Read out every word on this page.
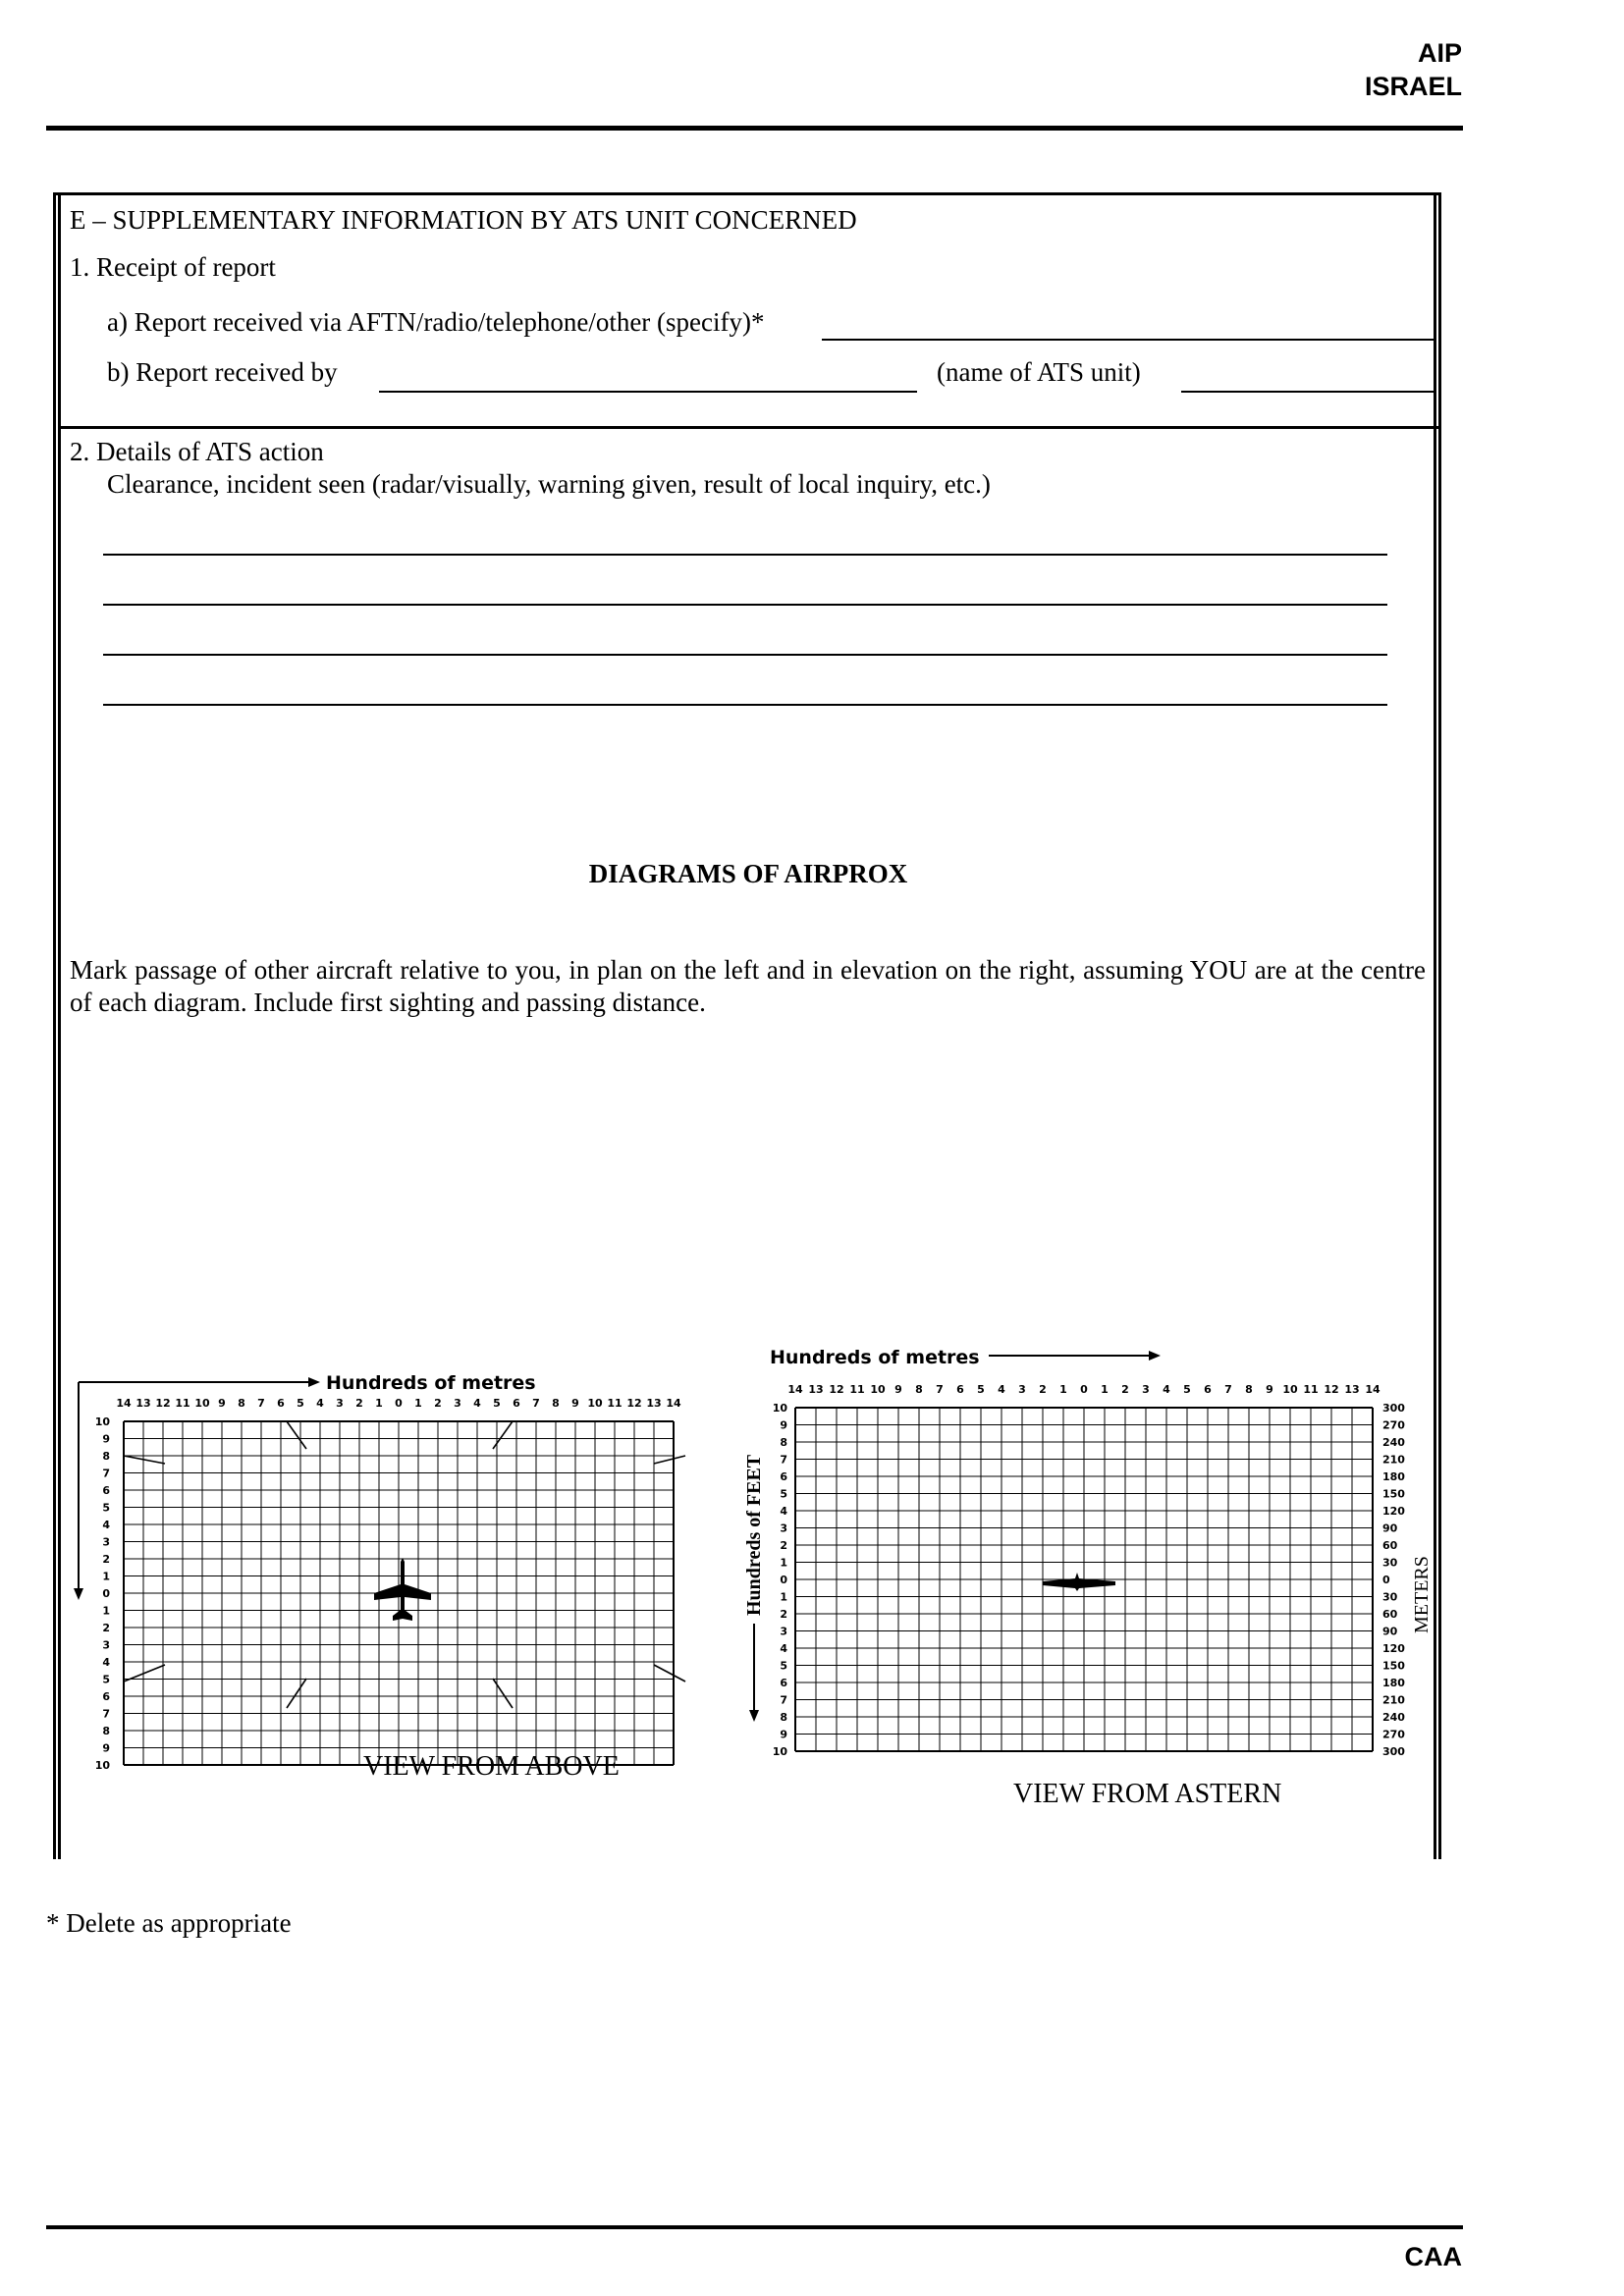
AIP
ISRAEL
E – SUPPLEMENTARY INFORMATION BY ATS UNIT CONCERNED
1. Receipt of report
a) Report received via AFTN/radio/telephone/other (specify)*
b) Report received by	(name of ATS unit)
2. Details of ATS action
Clearance, incident seen (radar/visually, warning given, result of local inquiry, etc.)
DIAGRAMS OF AIRPROX
Mark passage of other aircraft relative to you, in plan on the left and in elevation on the right, assuming YOU are at the centre of each diagram. Include first sighting and passing distance.
Hundreds of metres
14 13 12 11 10 9 8 7 6 5 4 3 2 1 0 1 2 3 4 5 6 7 8 9 10 11 12 13 14
10
9
8
7
6
5
4
3
2
1
0
1
2
3
4
5
6
7
8
9
10	VIEW FROM ABOVE
Hundreds of metres
14 13 12 11 10 9 8 7 6 5 4 3 2 1 0 1 2 3 4 5 6 7 8 9 10 11 12 13 14
10
9
8
7
6
5
4
3
2
1
0
1
2
3
4
5
6
7
8
9
10
300
270
240
210
180
150
120
90
60
30
0
30
60
90
120
150
180
210
240
270
300
Hundreds of FEET	METERS
VIEW FROM ASTERN
* Delete as appropriate
CAA
